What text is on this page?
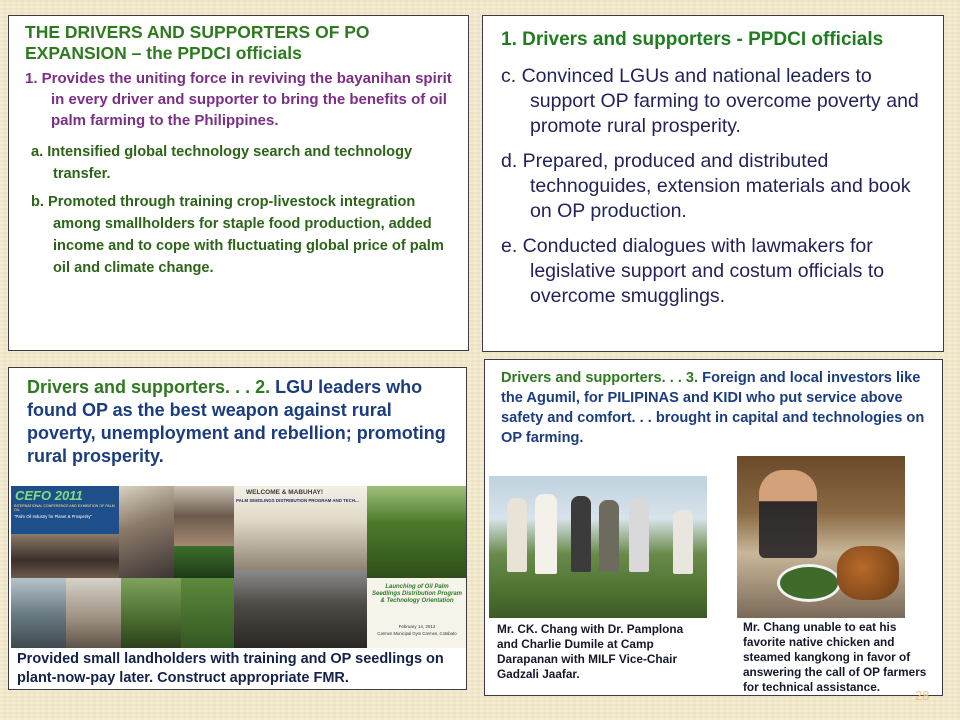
THE DRIVERS AND SUPPORTERS OF PO EXPANSION – the PPDCI officials
1. Provides the uniting force in reviving the bayanihan spirit in every driver and supporter to bring the benefits of oil palm farming to the Philippines.
a. Intensified global technology search and technology transfer.
b. Promoted through training crop-livestock integration among smallholders for staple food production, added income and to cope with fluctuating global price of palm oil and climate change.
1. Drivers and supporters - PPDCI officials
c. Convinced LGUs and national leaders to support OP farming to overcome poverty and promote rural prosperity.
d. Prepared, produced and distributed technoguides, extension materials and book on OP production.
e. Conducted dialogues with lawmakers for legislative support and costum officials to overcome smugglings.
Drivers and supporters. . . 2. LGU leaders who found OP as the best weapon against rural poverty, unemployment and rebellion; promoting rural prosperity.
CEFO 2011
INTERNATIONAL CONFERENCE AND EXHIBITION OF PALM OIL
"Palm Oil Industry for Planet & Prosperity"
WELCOME & MABUHAY!
PALM SEEDLINGS DISTRIBUTION PROGRAM AND TECH...
Launching of Oil Palm Seedlings Distribution Program & Technology Orientation
February 14, 2012
Carmen Municipal Gym Carmen, Cotabato
Provided small landholders with training and OP seedlings on plant-now-pay later. Construct appropriate FMR.
Drivers and supporters. . . 3. Foreign and local investors like the Agumil, for PILIPINAS and KIDI who put service above safety and comfort. . . brought in capital and technologies on OP farming.
Mr. CK. Chang with Dr. Pamplona and Charlie Dumile at Camp Darapanan with MILF Vice-Chair Gadzali Jaafar.
Mr. Chang unable to eat his favorite native chicken and steamed kangkong in favor of answering the call of OP farmers for technical assistance.
28
